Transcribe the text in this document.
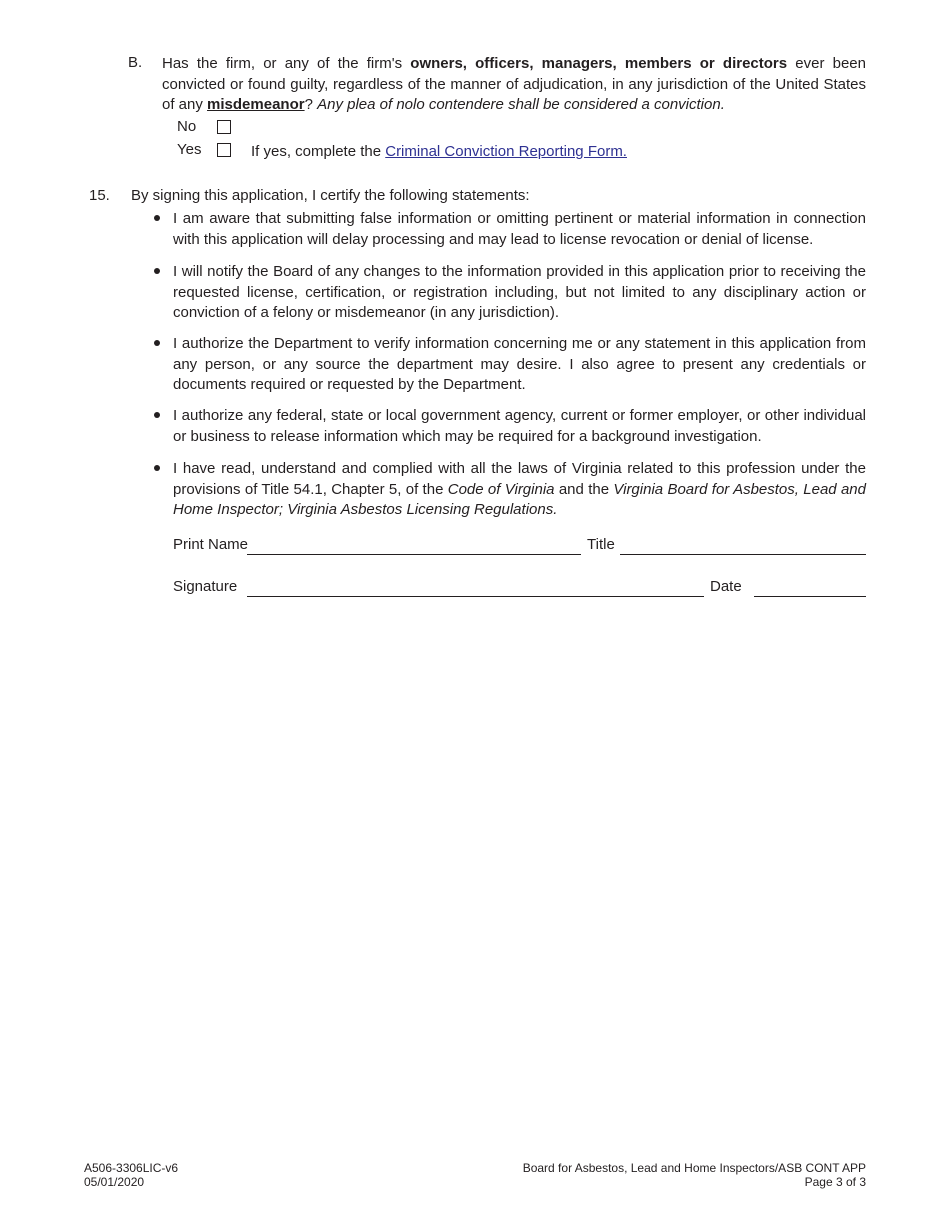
B. Has the firm, or any of the firm's owners, officers, managers, members or directors ever been convicted or found guilty, regardless of the manner of adjudication, in any jurisdiction of the United States of any misdemeanor? Any plea of nolo contendere shall be considered a conviction.
No
Yes	If yes, complete the Criminal Conviction Reporting Form.
15. By signing this application, I certify the following statements:
I am aware that submitting false information or omitting pertinent or material information in connection with this application will delay processing and may lead to license revocation or denial of license.
I will notify the Board of any changes to the information provided in this application prior to receiving the requested license, certification, or registration including, but not limited to any disciplinary action or conviction of a felony or misdemeanor (in any jurisdiction).
I authorize the Department to verify information concerning me or any statement in this application from any person, or any source the department may desire. I also agree to present any credentials or documents required or requested by the Department.
I authorize any federal, state or local government agency, current or former employer, or other individual or business to release information which may be required for a background investigation.
I have read, understand and complied with all the laws of Virginia related to this profession under the provisions of Title 54.1, Chapter 5, of the Code of Virginia and the Virginia Board for Asbestos, Lead and Home Inspector; Virginia Asbestos Licensing Regulations.
Print Name	Title
Signature	Date
A506-3306LIC-v6
05/01/2020
Board for Asbestos, Lead and Home Inspectors/ASB CONT APP
Page 3 of 3
